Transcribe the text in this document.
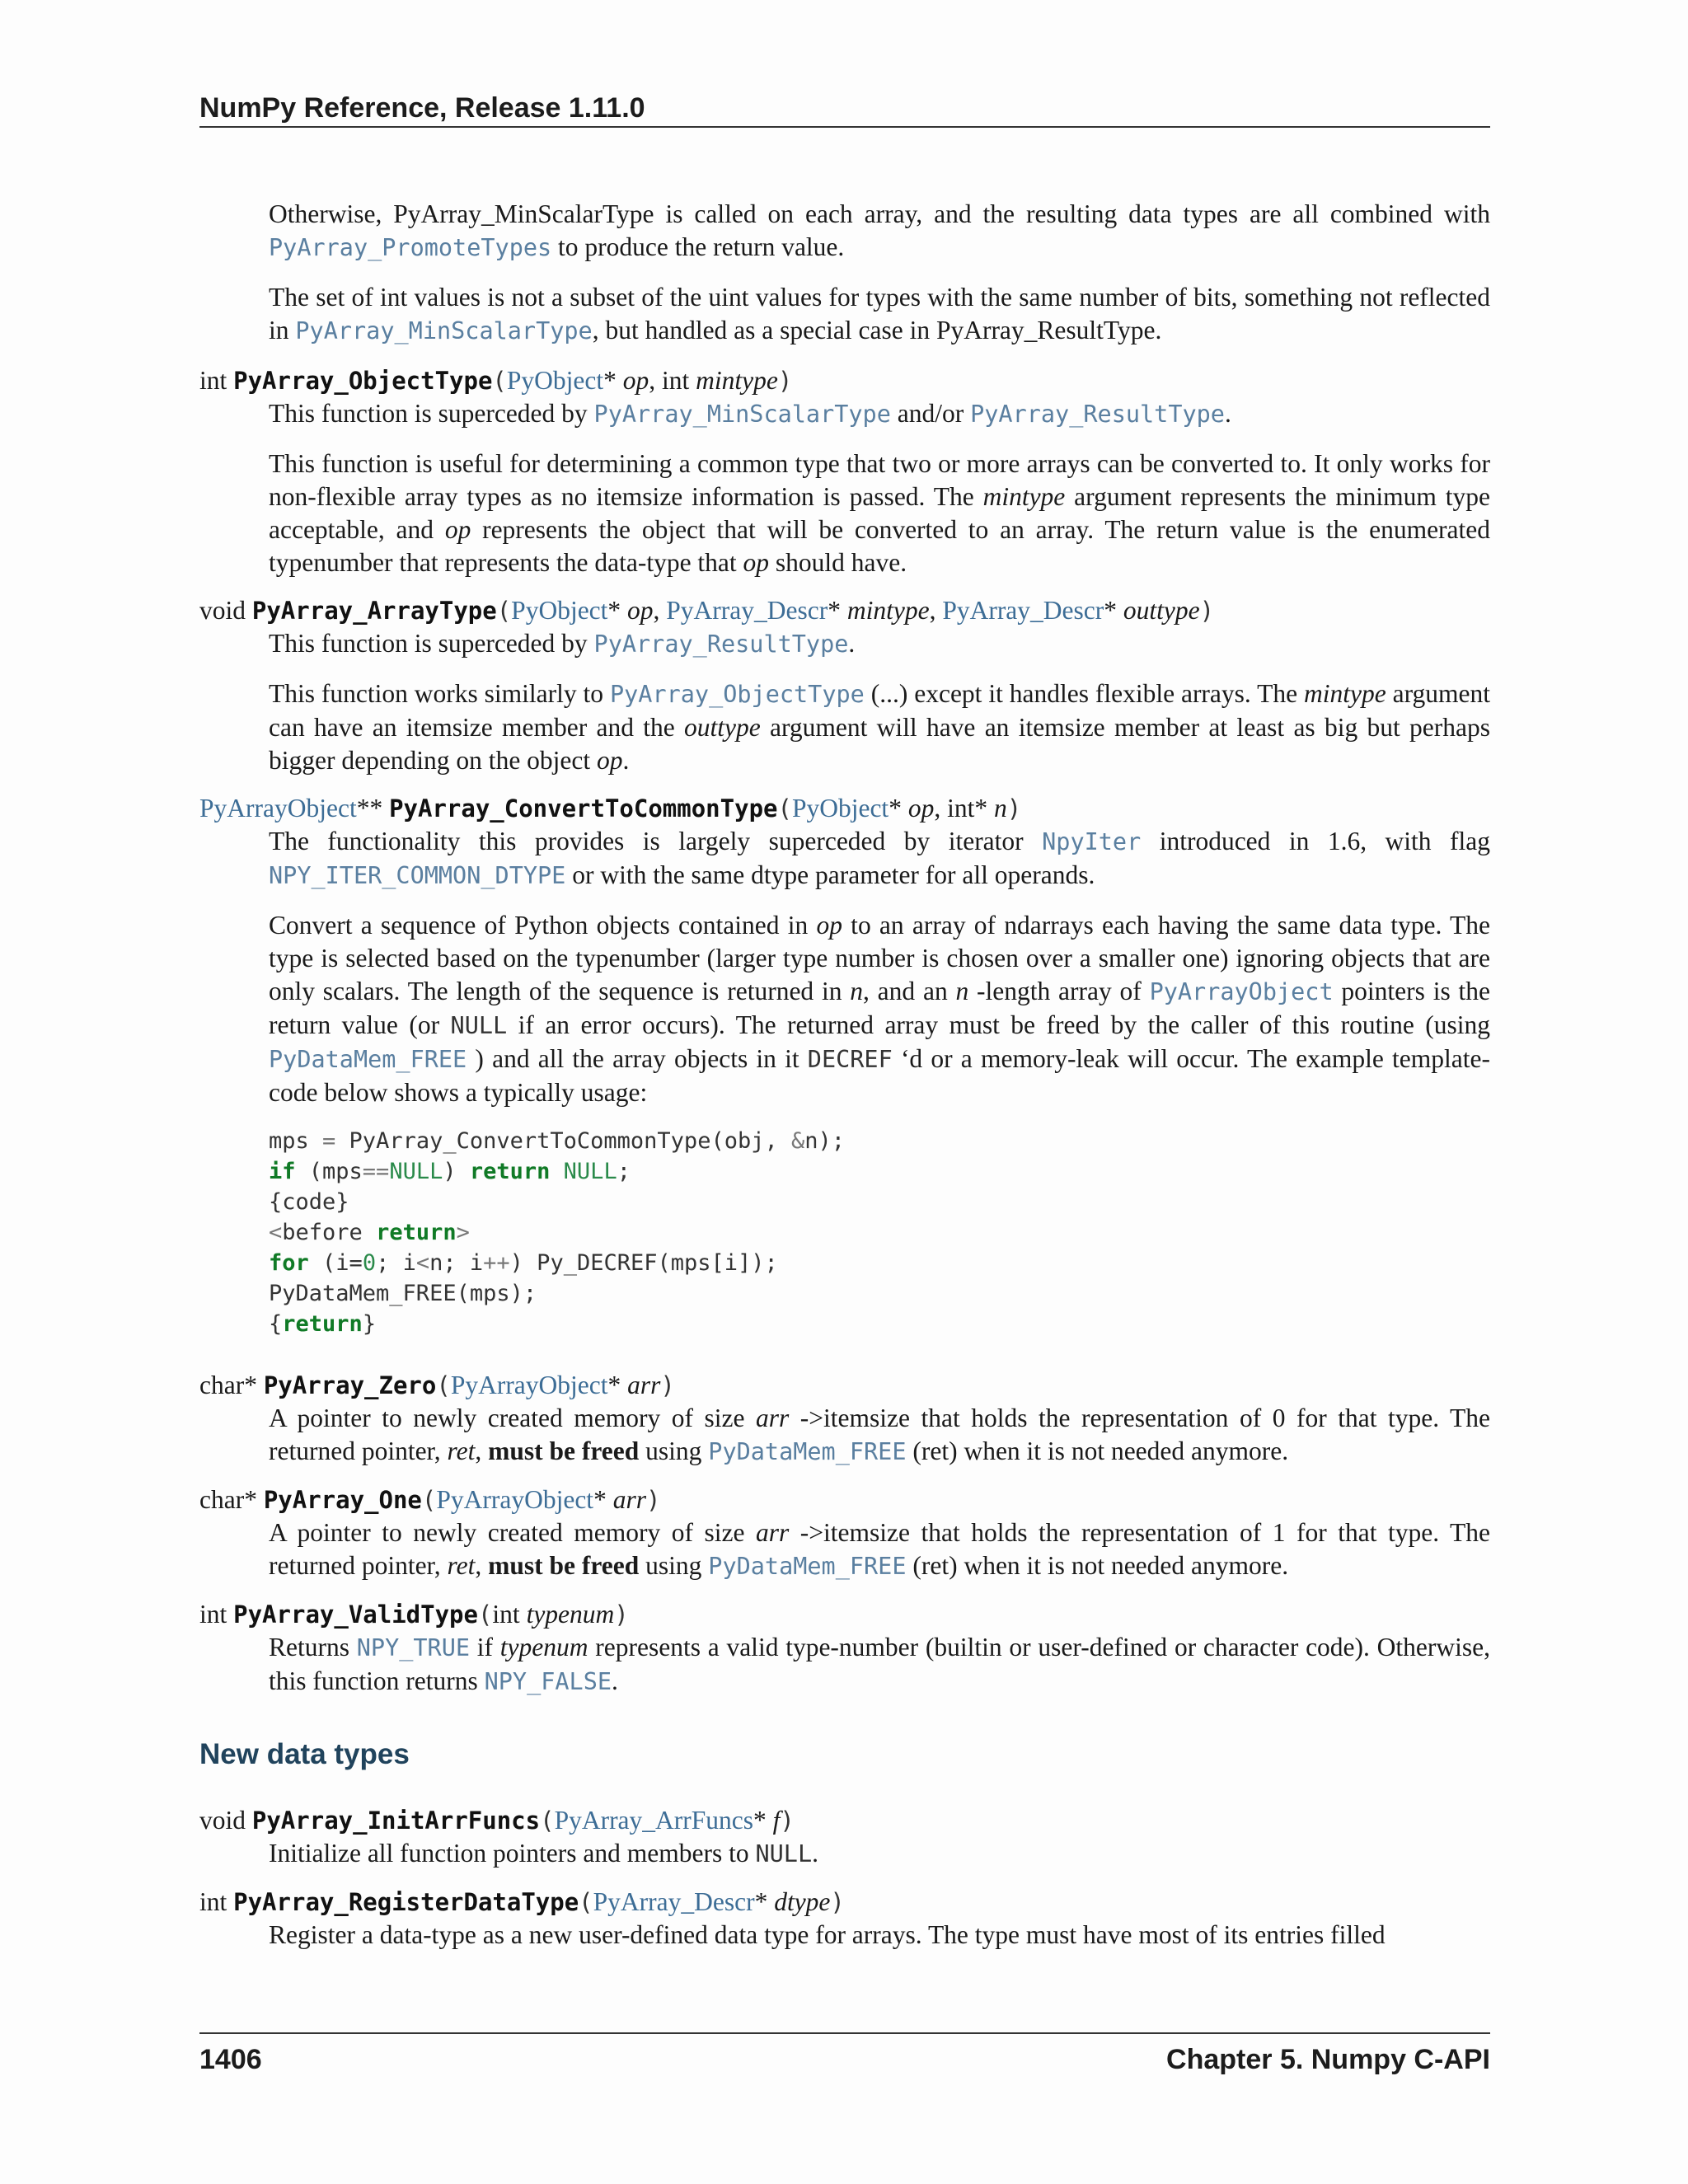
NumPy Reference, Release 1.11.0

Otherwise, PyArray_MinScalarType is called on each array, and the resulting data types are all combined with PyArray_PromoteTypes to produce the return value.

The set of int values is not a subset of the uint values for types with the same number of bits, something not reflected in PyArray_MinScalarType, but handled as a special case in PyArray_ResultType.

int PyArray_ObjectType(PyObject* op, int mintype)

This function is superceded by PyArray_MinScalarType and/or PyArray_ResultType.

This function is useful for determining a common type that two or more arrays can be converted to. It only works for non-flexible array types as no itemsize information is passed. The mintype argument represents the minimum type acceptable, and op represents the object that will be converted to an array. The return value is the enumerated typenumber that represents the data-type that op should have.

void PyArray_ArrayType(PyObject* op, PyArray_Descr* mintype, PyArray_Descr* outtype)

This function is superceded by PyArray_ResultType.

This function works similarly to PyArray_ObjectType (...) except it handles flexible arrays. The mintype argument can have an itemsize member and the outtype argument will have an itemsize member at least as big but perhaps bigger depending on the object op.

PyArrayObject** PyArray_ConvertToCommonType(PyObject* op, int* n)

The functionality this provides is largely superceded by iterator NpyIter introduced in 1.6, with flag NPY_ITER_COMMON_DTYPE or with the same dtype parameter for all operands.

Convert a sequence of Python objects contained in op to an array of ndarrays each having the same data type. The type is selected based on the typenumber (larger type number is chosen over a smaller one) ignoring objects that are only scalars. The length of the sequence is returned in n, and an n -length array of PyArrayObject pointers is the return value (or NULL if an error occurs). The returned array must be freed by the caller of this routine (using PyDataMem_FREE ) and all the array objects in it DECREF ‘d or a memory-leak will occur. The example template-code below shows a typically usage:

mps = PyArray_ConvertToCommonType(obj, &n);
if (mps==NULL) return NULL;
{code}
<before return>
for (i=0; i<n; i++) Py_DECREF(mps[i]);
PyDataMem_FREE(mps);
{return}

char* PyArray_Zero(PyArrayObject* arr)

A pointer to newly created memory of size arr ->itemsize that holds the representation of 0 for that type. The returned pointer, ret, must be freed using PyDataMem_FREE (ret) when it is not needed anymore.

char* PyArray_One(PyArrayObject* arr)

A pointer to newly created memory of size arr ->itemsize that holds the representation of 1 for that type. The returned pointer, ret, must be freed using PyDataMem_FREE (ret) when it is not needed anymore.

int PyArray_ValidType(int typenum)

Returns NPY_TRUE if typenum represents a valid type-number (builtin or user-defined or character code). Otherwise, this function returns NPY_FALSE.

New data types

void PyArray_InitArrFuncs(PyArray_ArrFuncs* f)

Initialize all function pointers and members to NULL.

int PyArray_RegisterDataType(PyArray_Descr* dtype)

Register a data-type as a new user-defined data type for arrays. The type must have most of its entries filled

1406	Chapter 5. Numpy C-API
